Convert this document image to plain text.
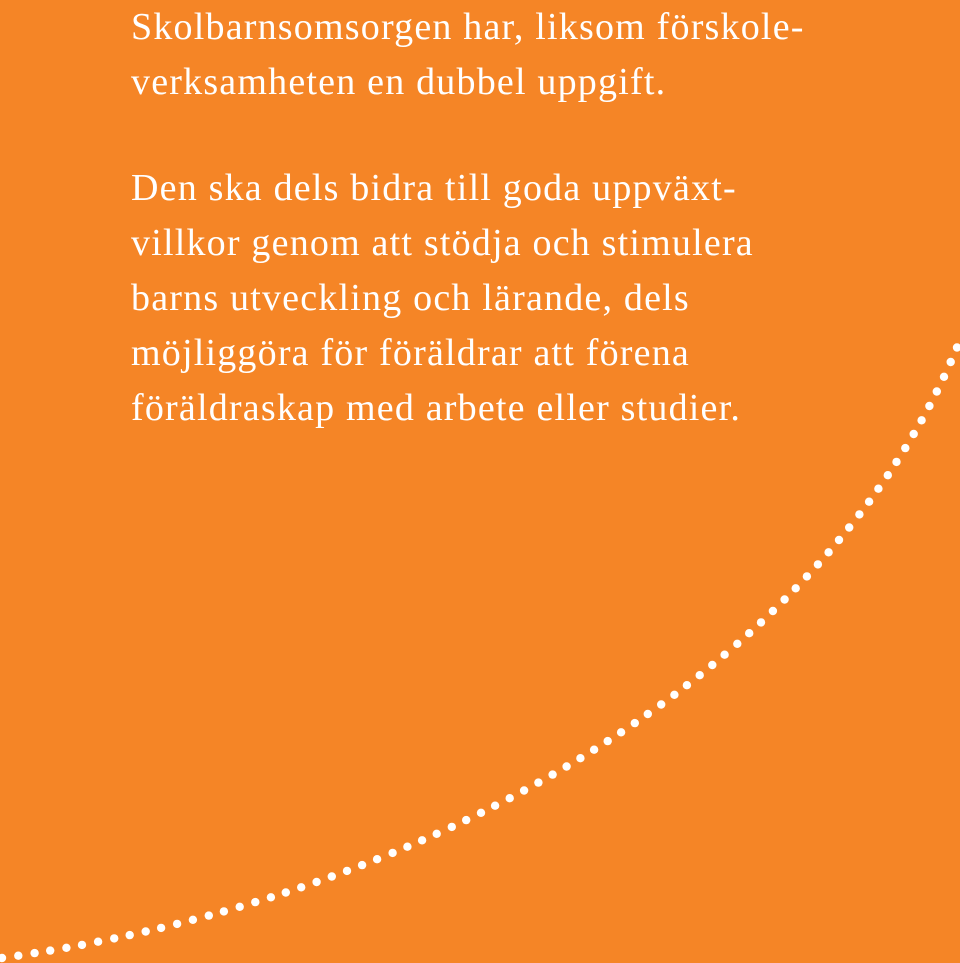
Skolbarnsomsorgen har, liksom förskole-
verksamheten en dubbel uppgift.
Den ska dels bidra till goda uppväxt-
villkor genom att stödja och stimulera
barns utveckling och lärande, dels
möjliggöra för föräldrar att förena
föräldraskap med arbete eller studier.
